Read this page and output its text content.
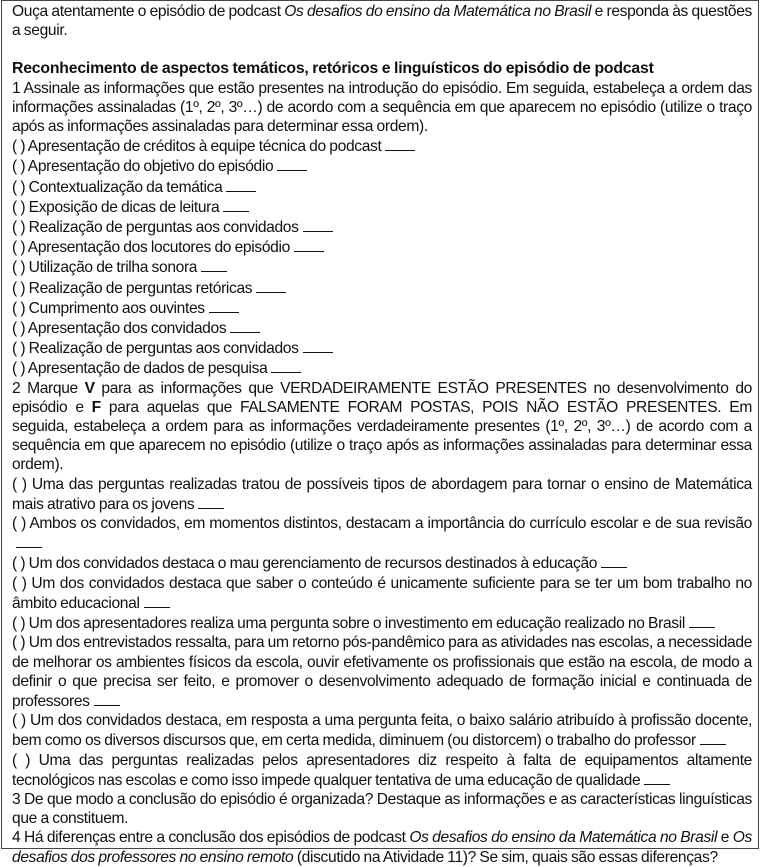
Ouça atentamente o episódio de podcast Os desafios do ensino da Matemática no Brasil e responda às questões a seguir.

Reconhecimento de aspectos temáticos, retóricos e linguísticos do episódio de podcast

1 Assinale as informações que estão presentes na introdução do episódio. Em seguida, estabeleça a ordem das informações assinaladas (1º, 2º, 3º…) de acordo com a sequência em que aparecem no episódio (utilize o traço após as informações assinaladas para determinar essa ordem).

( ) Apresentação de créditos à equipe técnica do podcast

( ) Apresentação do objetivo do episódio

( ) Contextualização da temática

( ) Exposição de dicas de leitura

( ) Realização de perguntas aos convidados

( ) Apresentação dos locutores do episódio

( ) Utilização de trilha sonora

( ) Realização de perguntas retóricas

( ) Cumprimento aos ouvintes

( ) Apresentação dos convidados

( ) Realização de perguntas aos convidados

( ) Apresentação de dados de pesquisa

2 Marque V para as informações que VERDADEIRAMENTE ESTÃO PRESENTES no desenvolvimento do episódio e F para aquelas que FALSAMENTE FORAM POSTAS, POIS NÃO ESTÃO PRESENTES. Em seguida, estabeleça a ordem para as informações verdadeiramente presentes (1º, 2º, 3º…) de acordo com a sequência em que aparecem no episódio (utilize o traço após as informações assinaladas para determinar essa ordem).

( ) Uma das perguntas realizadas tratou de possíveis tipos de abordagem para tornar o ensino de Matemática mais atrativo para os jovens

( ) Ambos os convidados, em momentos distintos, destacam a importância do currículo escolar e de sua revisão

( ) Um dos convidados destaca o mau gerenciamento de recursos destinados à educação

( ) Um dos convidados destaca que saber o conteúdo é unicamente suficiente para se ter um bom trabalho no âmbito educacional

( ) Um dos apresentadores realiza uma pergunta sobre o investimento em educação realizado no Brasil

( ) Um dos entrevistados ressalta, para um retorno pós-pandêmico para as atividades nas escolas, a necessidade de melhorar os ambientes físicos da escola, ouvir efetivamente os profissionais que estão na escola, de modo a definir o que precisa ser feito, e promover o desenvolvimento adequado de formação inicial e continuada de professores

( ) Um dos convidados destaca, em resposta a uma pergunta feita, o baixo salário atribuído à profissão docente, bem como os diversos discursos que, em certa medida, diminuem (ou distorcem) o trabalho do professor

( ) Uma das perguntas realizadas pelos apresentadores diz respeito à falta de equipamentos altamente tecnológicos nas escolas e como isso impede qualquer tentativa de uma educação de qualidade

3 De que modo a conclusão do episódio é organizada? Destaque as informações e as características linguísticas que a constituem.

4 Há diferenças entre a conclusão dos episódios de podcast Os desafios do ensino da Matemática no Brasil e Os desafios dos professores no ensino remoto (discutido na Atividade 11)? Se sim, quais são essas diferenças?
